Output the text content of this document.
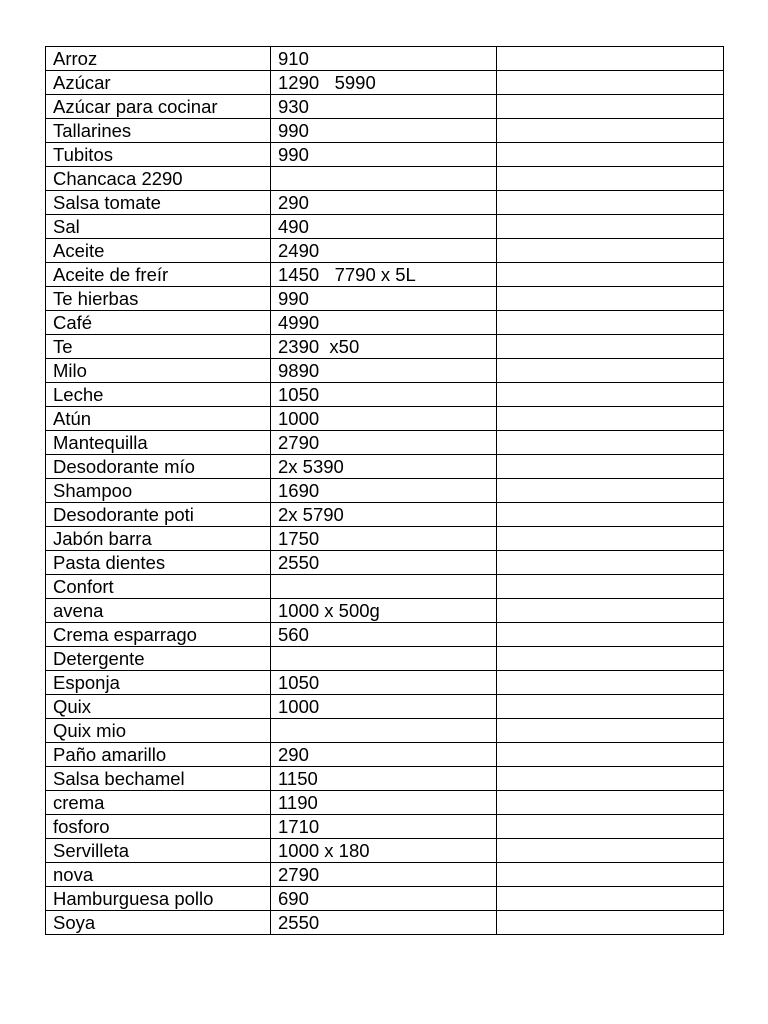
Arroz	910	
Azúcar	1290   5990	
Azúcar para cocinar	930	
Tallarines	990	
Tubitos	990	
Chancaca 2290		
Salsa tomate	290	
Sal	490	
Aceite	2490	
Aceite de freír	1450   7790 x 5L	
Te hierbas	990	
Café	4990	
Te	2390  x50	
Milo	9890	
Leche	1050	
Atún	1000	
Mantequilla	2790	
Desodorante mío	2x 5390	
Shampoo	1690	
Desodorante poti	2x 5790	
Jabón barra	1750	
Pasta dientes	2550	
Confort		
avena	1000 x 500g	
Crema esparrago	560	
Detergente		
Esponja	1050	
Quix	1000	
Quix mio		
Paño amarillo	290	
Salsa bechamel	1150	
crema	1190	
fosforo	1710	
Servilleta	1000 x 180	
nova	2790	
Hamburguesa pollo	690	
Soya	2550	
